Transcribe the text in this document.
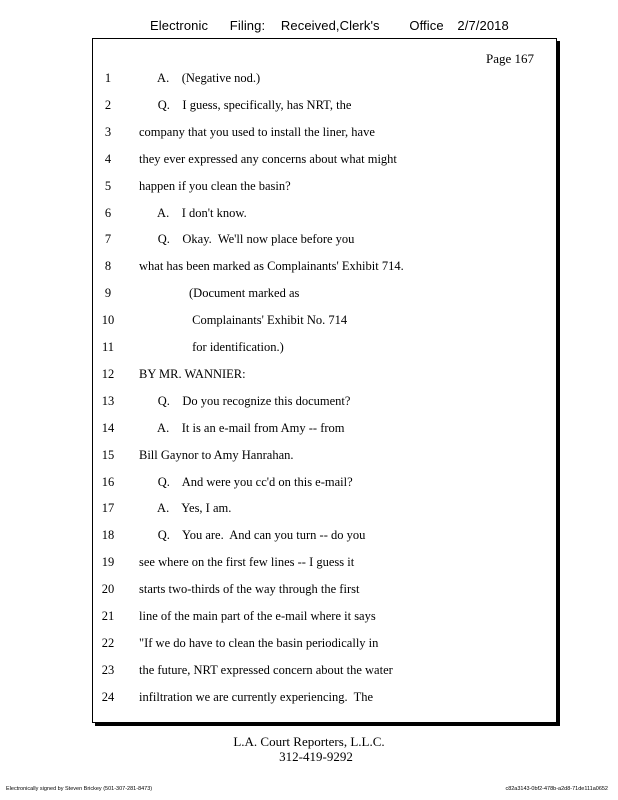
Electronic Filing: Received,Clerk's Office 2/7/2018
Page 167
1	A.    (Negative nod.)
2	Q.    I guess, specifically, has NRT, the
3	company that you used to install the liner, have
4	they ever expressed any concerns about what might
5	happen if you clean the basin?
6	A.    I don't know.
7	Q.    Okay.  We'll now place before you
8	what has been marked as Complainants' Exhibit 714.
9	(Document marked as
10	Complainants' Exhibit No. 714
11	for identification.)
12	BY MR. WANNIER:
13	Q.    Do you recognize this document?
14	A.    It is an e-mail from Amy -- from
15	Bill Gaynor to Amy Hanrahan.
16	Q.    And were you cc'd on this e-mail?
17	A.    Yes, I am.
18	Q.    You are.  And can you turn -- do you
19	see where on the first few lines -- I guess it
20	starts two-thirds of the way through the first
21	line of the main part of the e-mail where it says
22	"If we do have to clean the basin periodically in
23	the future, NRT expressed concern about the water
24	infiltration we are currently experiencing.  The
L.A. Court Reporters, L.L.C.
312-419-9292
Electronically signed by Steven Brickey (501-307-281-8473)	c82a3143-0bf2-478b-a2d8-71de111a0652
